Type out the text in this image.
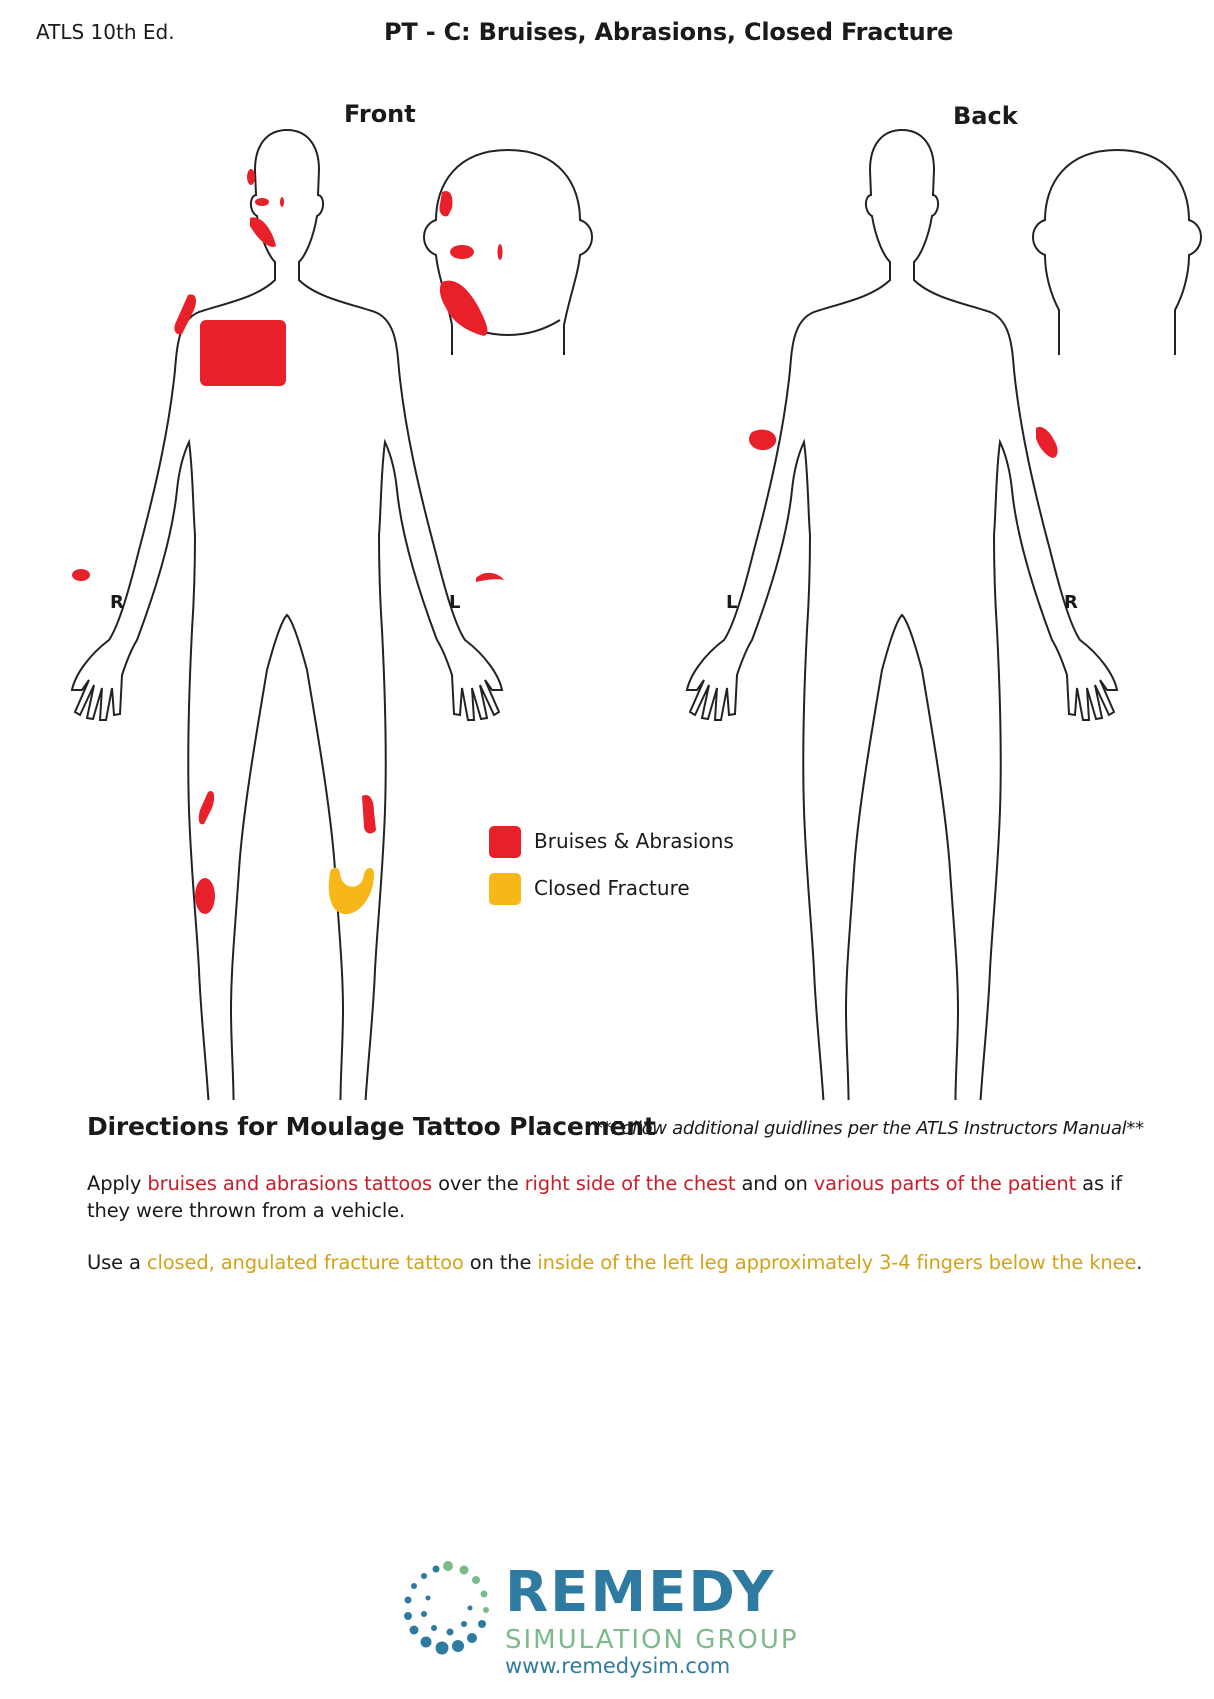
ATLS 10th Ed.	PT - C: Bruises, Abrasions, Closed Fracture
Front	Back
R	L	L	R
Bruises & Abrasions
Closed Fracture
Directions for Moulage Tattoo Placement
**Follow additional guidlines per the ATLS Instructors Manual**
Apply bruises and abrasions tattoos over the right side of the chest and on various parts of the patient as if they were thrown from a vehicle.
Use a closed, angulated fracture tattoo on the inside of the left leg approximately 3-4 fingers below the knee.
REMEDY
SIMULATION GROUP
www.remedysim.com
